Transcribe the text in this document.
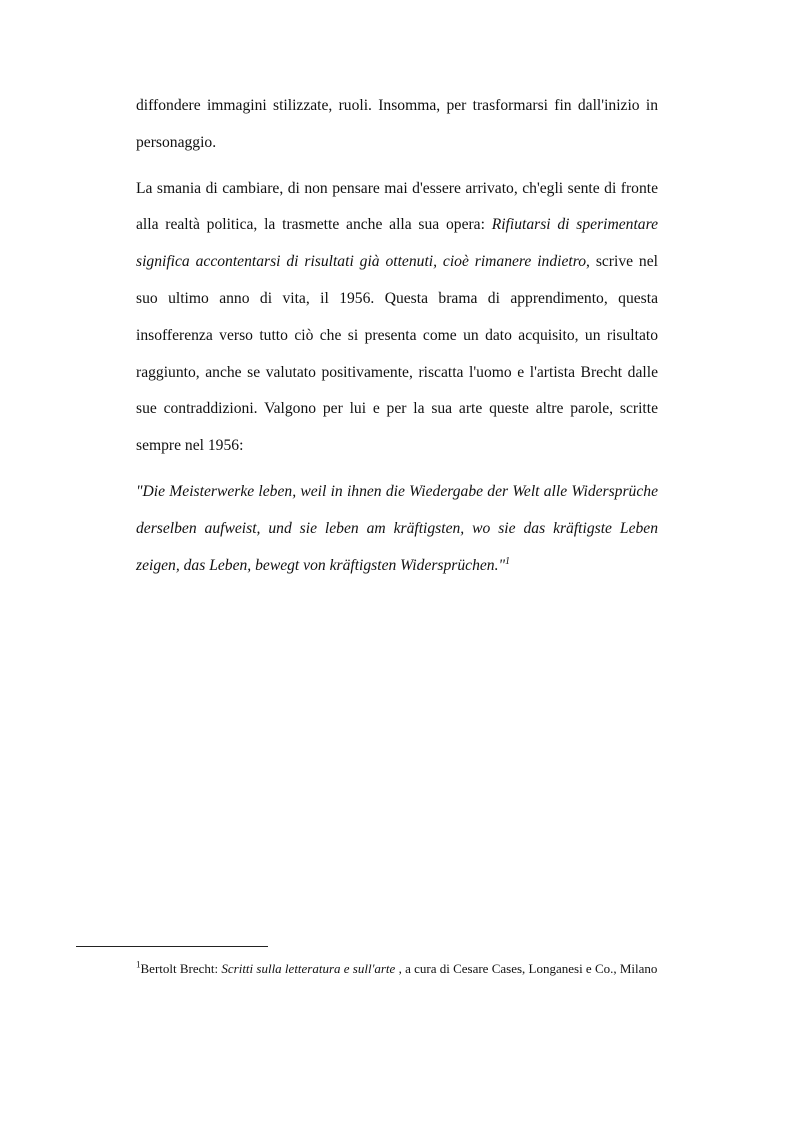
diffondere immagini stilizzate, ruoli. Insomma, per trasformarsi fin dall'inizio in personaggio.

La smania di cambiare, di non pensare mai d'essere arrivato, ch'egli sente di fronte alla realtà politica, la trasmette anche alla sua opera: Rifiutarsi di sperimentare significa accontentarsi di risultati già ottenuti, cioè rimanere indietro, scrive nel suo ultimo anno di vita, il 1956. Questa brama di apprendimento, questa insofferenza verso tutto ciò che si presenta come un dato acquisito, un risultato raggiunto, anche se valutato positivamente, riscatta l'uomo e l'artista Brecht dalle sue contraddizioni. Valgono per lui e per la sua arte queste altre parole, scritte sempre nel 1956:

"Die Meisterwerke leben, weil in ihnen die Wiedergabe der Welt alle Widersprüche derselben aufweist, und sie leben am kräftigsten, wo sie das kräftigste Leben zeigen, das Leben, bewegt von kräftigsten Widersprüchen."$^1$

$^1$Bertolt Brecht: Scritti sulla letteratura e sull'arte , a cura di Cesare Cases, Longanesi e Co., Milano
